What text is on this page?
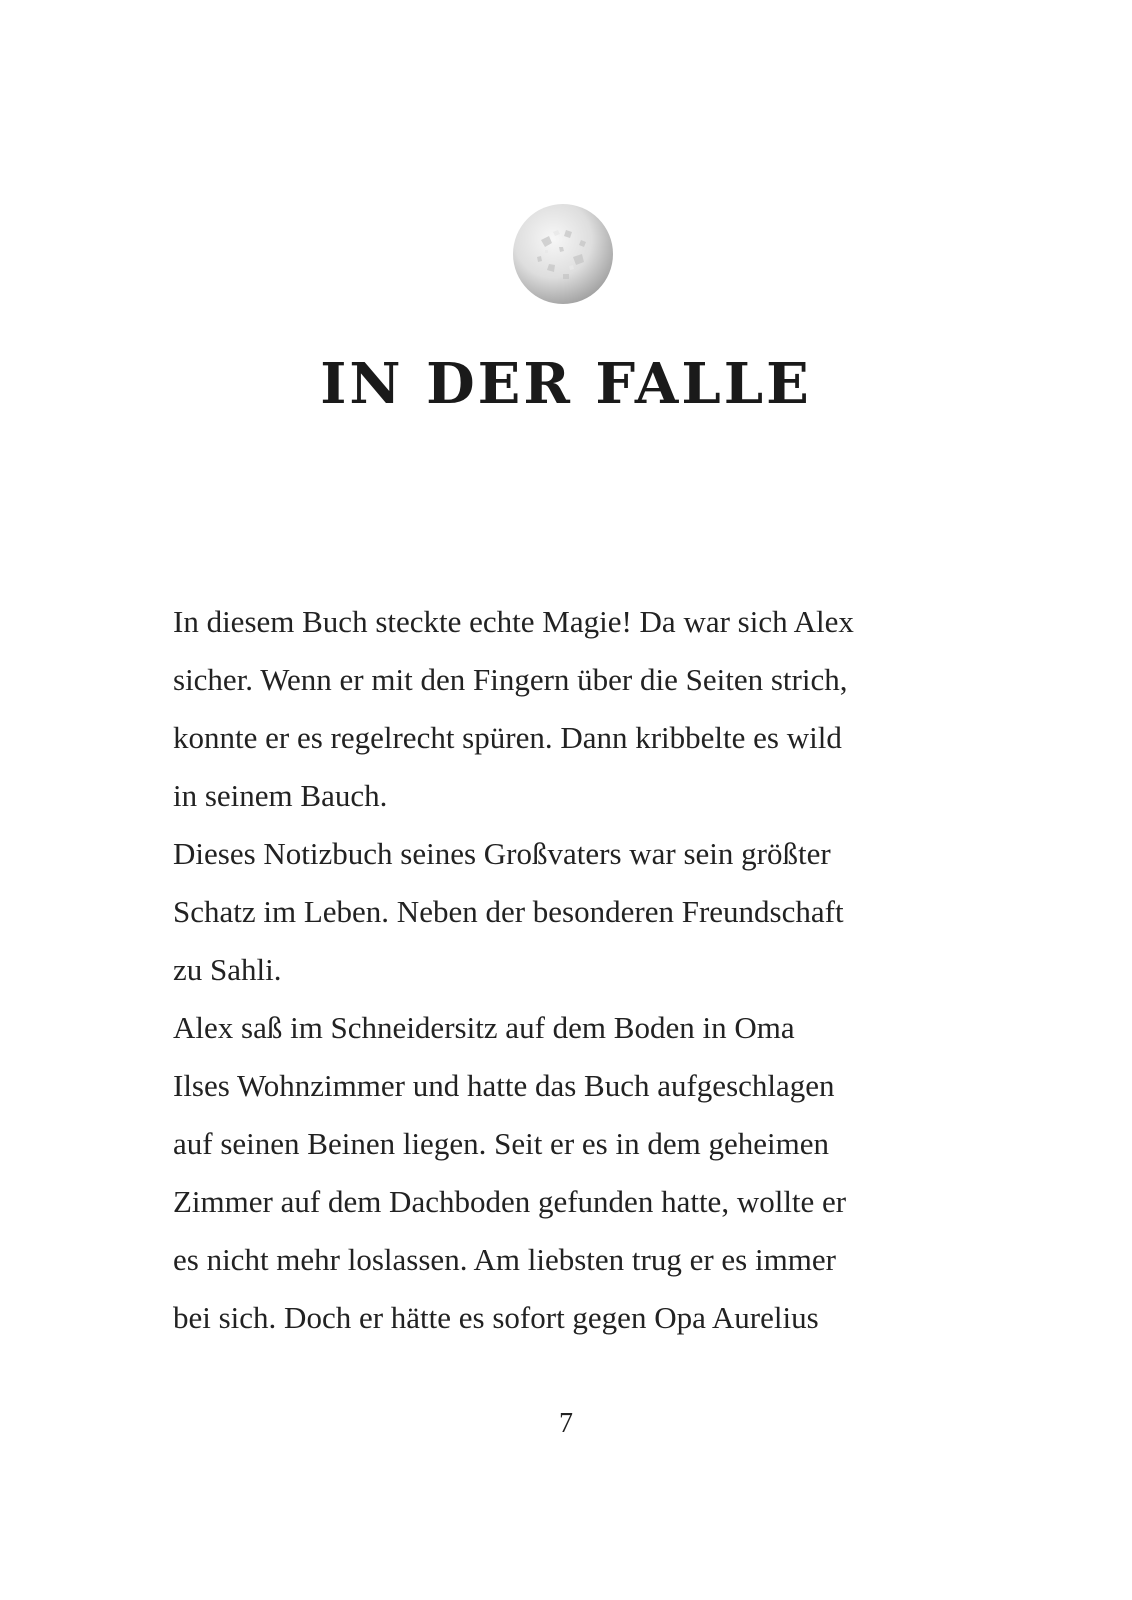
IN DER FALLE
In diesem Buch steckte echte Magie! Da war sich Alex
sicher. Wenn er mit den Fingern über die Seiten strich,
konnte er es regelrecht spüren. Dann kribbelte es wild
in seinem Bauch.
Dieses Notizbuch seines Großvaters war sein größter
Schatz im Leben. Neben der besonderen Freundschaft
zu Sahli.
Alex saß im Schneidersitz auf dem Boden in Oma
Ilses Wohnzimmer und hatte das Buch aufgeschlagen
auf seinen Beinen liegen. Seit er es in dem geheimen
Zimmer auf dem Dachboden gefunden hatte, wollte er
es nicht mehr loslassen. Am liebsten trug er es immer
bei sich. Doch er hätte es sofort gegen Opa Aurelius
7
